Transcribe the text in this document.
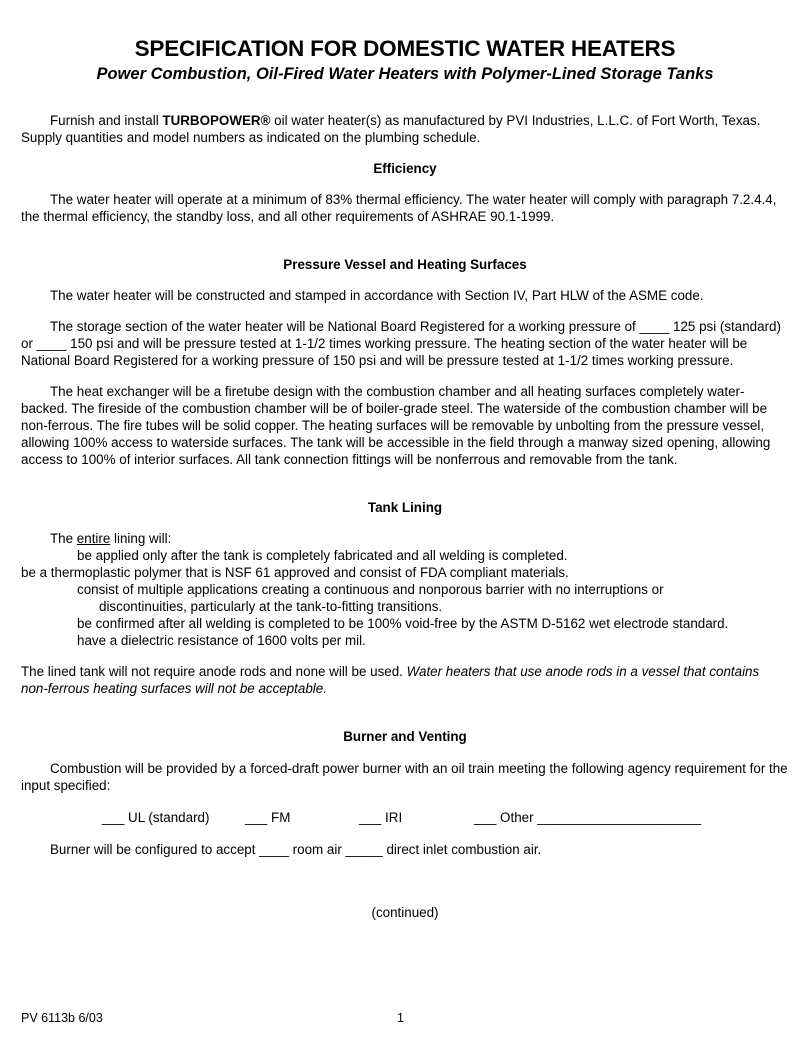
SPECIFICATION FOR DOMESTIC WATER HEATERS

Power Combustion, Oil-Fired Water Heaters with Polymer-Lined Storage Tanks

Furnish and install TURBOPOWER® oil water heater(s) as manufactured by PVI Industries, L.L.C. of Fort Worth, Texas. Supply quantities and model numbers as indicated on the plumbing schedule.

Efficiency

The water heater will operate at a minimum of 83% thermal efficiency. The water heater will comply with paragraph 7.2.4.4, the thermal efficiency, the standby loss, and all other requirements of ASHRAE 90.1-1999.

Pressure Vessel and Heating Surfaces

The water heater will be constructed and stamped in accordance with Section IV, Part HLW of the ASME code.

The storage section of the water heater will be National Board Registered for a working pressure of ____ 125 psi (standard) or ____ 150 psi and will be pressure tested at 1-1/2 times working pressure. The heating section of the water heater will be National Board Registered for a working pressure of 150 psi and will be pressure tested at 1-1/2 times working pressure.

The heat exchanger will be a firetube design with the combustion chamber and all heating surfaces completely water-backed. The fireside of the combustion chamber will be of boiler-grade steel. The waterside of the combustion chamber will be non-ferrous. The fire tubes will be solid copper. The heating surfaces will be removable by unbolting from the pressure vessel, allowing 100% access to waterside surfaces. The tank will be accessible in the field through a manway sized opening, allowing access to 100% of interior surfaces. All tank connection fittings will be nonferrous and removable from the tank.

Tank Lining

The entire lining will:

be applied only after the tank is completely fabricated and all welding is completed.

be a thermoplastic polymer that is NSF 61 approved and consist of FDA compliant materials.

consist of multiple applications creating a continuous and nonporous barrier with no interruptions or

discontinuities, particularly at the tank-to-fitting transitions.

be confirmed after all welding is completed to be 100% void-free by the ASTM D-5162 wet electrode standard.

have a dielectric resistance of 1600 volts per mil.

The lined tank will not require anode rods and none will be used. Water heaters that use anode rods in a vessel that contains non-ferrous heating surfaces will not be acceptable.

Burner and Venting

Combustion will be provided by a forced-draft power burner with an oil train meeting the following agency requirement for the input specified:

___ UL (standard)	___ FM	___ IRI	___ Other ______________________

Burner will be configured to accept ____ room air _____ direct inlet combustion air.

(continued)

PV 6113b 6/03	1
